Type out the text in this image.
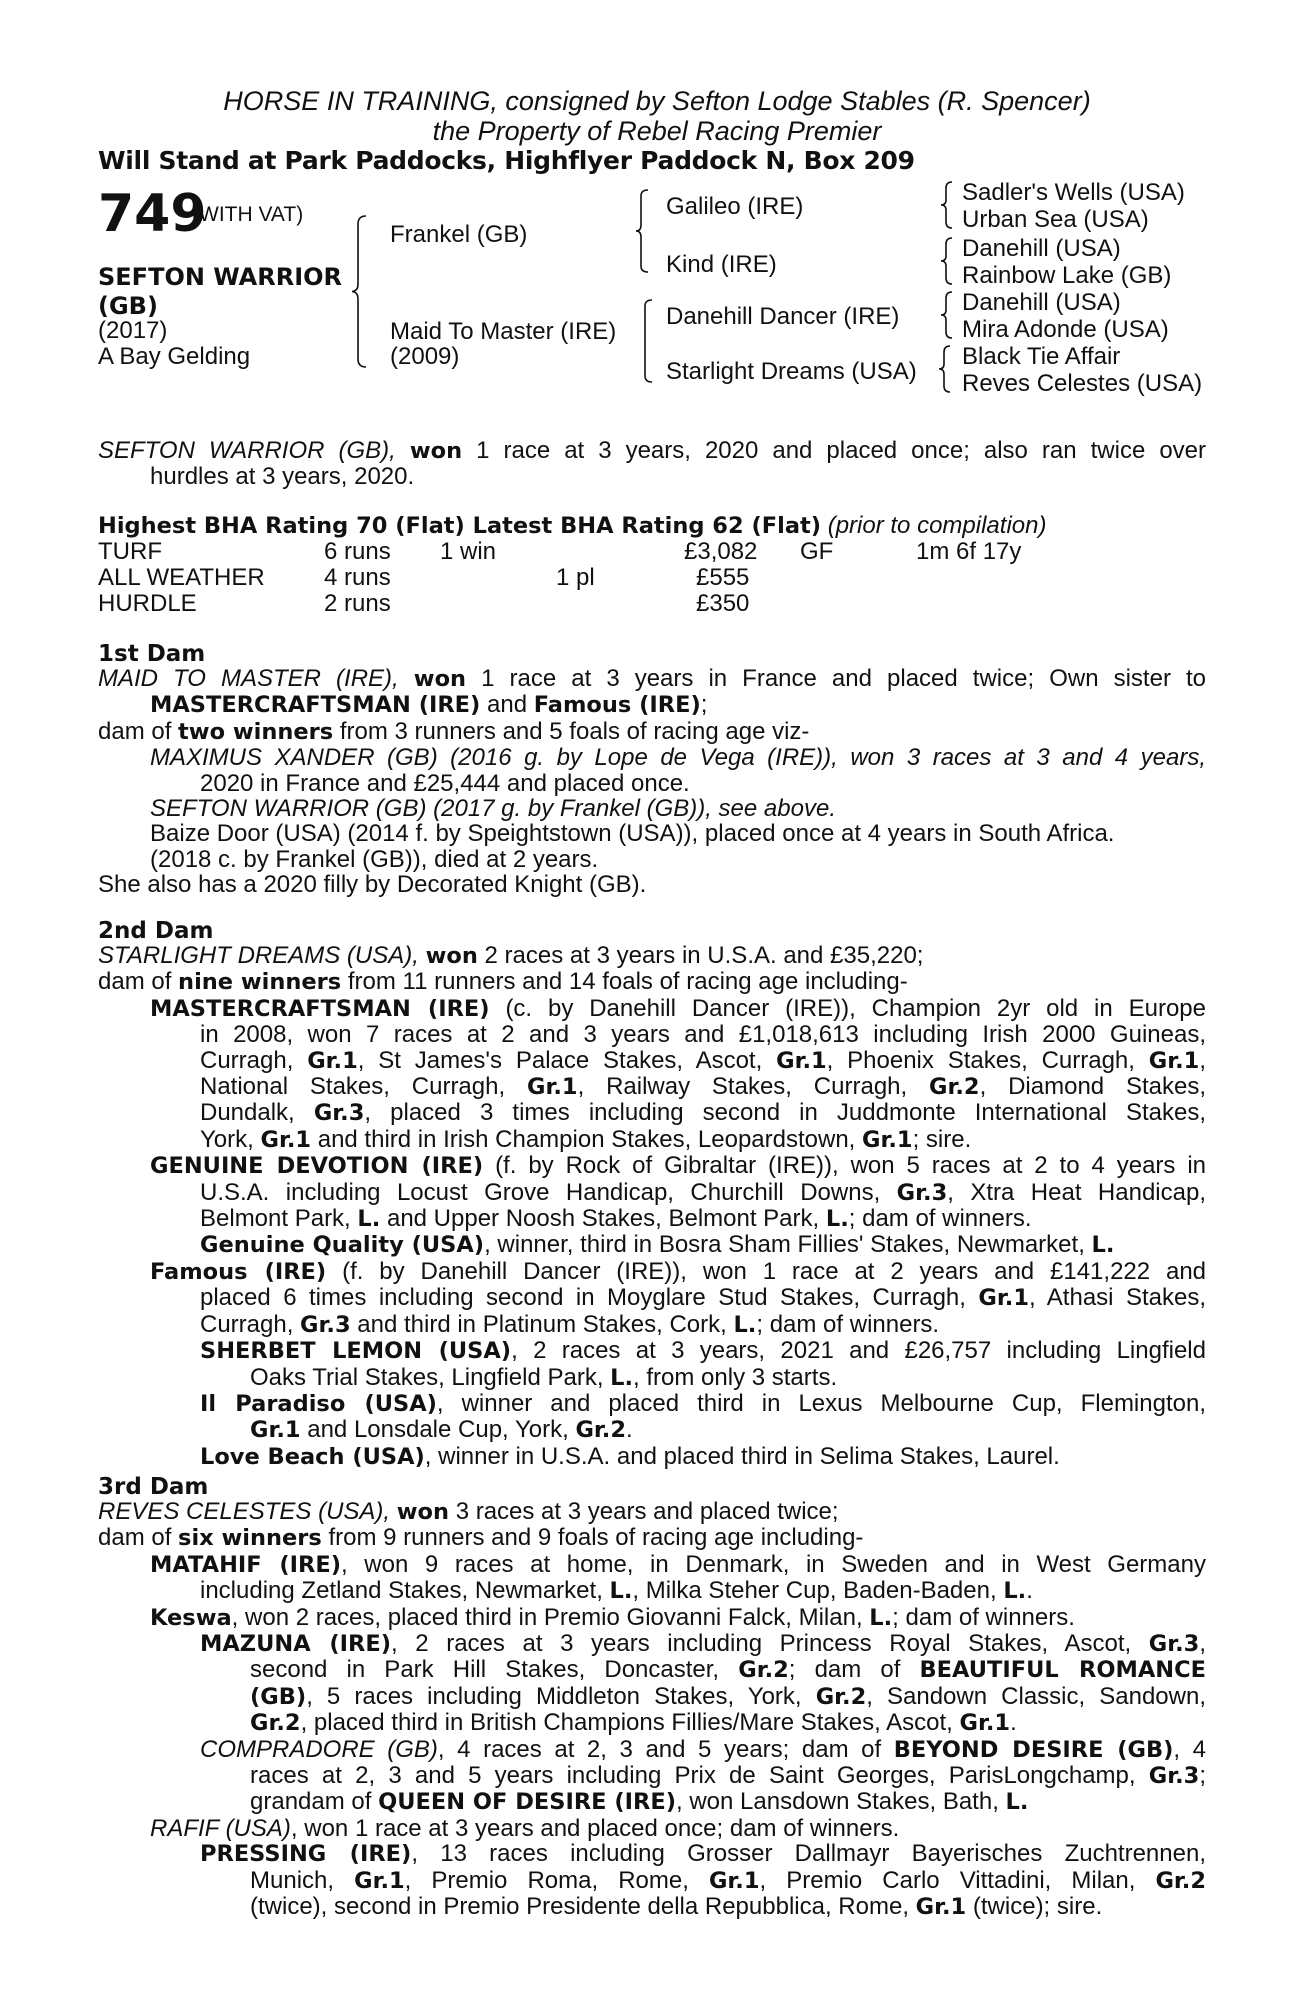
HORSE IN TRAINING, consigned by Sefton Lodge Stables (R. Spencer)
the Property of Rebel Racing Premier
Will Stand at Park Paddocks, Highflyer Paddock N, Box 209
749
(WITH VAT)
SEFTON WARRIOR
(GB)
(2017)
A Bay Gelding
Frankel (GB)
Maid To Master (IRE)
(2009)
Galileo (IRE)
Kind (IRE)
Danehill Dancer (IRE)
Starlight Dreams (USA)
Sadler's Wells (USA)
Urban Sea (USA)
Danehill (USA)
Rainbow Lake (GB)
Danehill (USA)
Mira Adonde (USA)
Black Tie Affair
Reves Celestes (USA)
SEFTON WARRIOR (GB), won 1 race at 3 years, 2020 and placed once; also ran twice over
hurdles at 3 years, 2020.
Highest BHA Rating 70 (Flat) Latest BHA Rating 62 (Flat) (prior to compilation)
TURF	6 runs 1 win	£3,082 GF	1m 6f 17y
ALL WEATHER 4 runs	1 pl	£555
HURDLE	2 runs	£350
1st Dam
MAID TO MASTER (IRE), won 1 race at 3 years in France and placed twice; Own sister to
MASTERCRAFTSMAN (IRE) and Famous (IRE);
dam of two winners from 3 runners and 5 foals of racing age viz-
MAXIMUS XANDER (GB) (2016 g. by Lope de Vega (IRE)), won 3 races at 3 and 4 years,
2020 in France and £25,444 and placed once.
SEFTON WARRIOR (GB) (2017 g. by Frankel (GB)), see above.
Baize Door (USA) (2014 f. by Speightstown (USA)), placed once at 4 years in South Africa.
(2018 c. by Frankel (GB)), died at 2 years.
She also has a 2020 filly by Decorated Knight (GB).
2nd Dam
STARLIGHT DREAMS (USA), won 2 races at 3 years in U.S.A. and £35,220;
dam of nine winners from 11 runners and 14 foals of racing age including-
MASTERCRAFTSMAN (IRE) (c. by Danehill Dancer (IRE)), Champion 2yr old in Europe
in 2008, won 7 races at 2 and 3 years and £1,018,613 including Irish 2000 Guineas,
Curragh, Gr.1, St James's Palace Stakes, Ascot, Gr.1, Phoenix Stakes, Curragh, Gr.1,
National Stakes, Curragh, Gr.1, Railway Stakes, Curragh, Gr.2, Diamond Stakes,
Dundalk, Gr.3, placed 3 times including second in Juddmonte International Stakes,
York, Gr.1 and third in Irish Champion Stakes, Leopardstown, Gr.1; sire.
GENUINE DEVOTION (IRE) (f. by Rock of Gibraltar (IRE)), won 5 races at 2 to 4 years in
U.S.A. including Locust Grove Handicap, Churchill Downs, Gr.3, Xtra Heat Handicap,
Belmont Park, L. and Upper Noosh Stakes, Belmont Park, L.; dam of winners.
Genuine Quality (USA), winner, third in Bosra Sham Fillies' Stakes, Newmarket, L.
Famous (IRE) (f. by Danehill Dancer (IRE)), won 1 race at 2 years and £141,222 and
placed 6 times including second in Moyglare Stud Stakes, Curragh, Gr.1, Athasi Stakes,
Curragh, Gr.3 and third in Platinum Stakes, Cork, L.; dam of winners.
SHERBET LEMON (USA), 2 races at 3 years, 2021 and £26,757 including Lingfield
Oaks Trial Stakes, Lingfield Park, L., from only 3 starts.
Il Paradiso (USA), winner and placed third in Lexus Melbourne Cup, Flemington,
Gr.1 and Lonsdale Cup, York, Gr.2.
Love Beach (USA), winner in U.S.A. and placed third in Selima Stakes, Laurel.
3rd Dam
REVES CELESTES (USA), won 3 races at 3 years and placed twice;
dam of six winners from 9 runners and 9 foals of racing age including-
MATAHIF (IRE), won 9 races at home, in Denmark, in Sweden and in West Germany
including Zetland Stakes, Newmarket, L., Milka Steher Cup, Baden-Baden, L..
Keswa, won 2 races, placed third in Premio Giovanni Falck, Milan, L.; dam of winners.
MAZUNA (IRE), 2 races at 3 years including Princess Royal Stakes, Ascot, Gr.3,
second in Park Hill Stakes, Doncaster, Gr.2; dam of BEAUTIFUL ROMANCE
(GB), 5 races including Middleton Stakes, York, Gr.2, Sandown Classic, Sandown,
Gr.2, placed third in British Champions Fillies/Mare Stakes, Ascot, Gr.1.
COMPRADORE (GB), 4 races at 2, 3 and 5 years; dam of BEYOND DESIRE (GB), 4
races at 2, 3 and 5 years including Prix de Saint Georges, ParisLongchamp, Gr.3;
grandam of QUEEN OF DESIRE (IRE), won Lansdown Stakes, Bath, L.
RAFIF (USA), won 1 race at 3 years and placed once; dam of winners.
PRESSING (IRE), 13 races including Grosser Dallmayr Bayerisches Zuchtrennen,
Munich, Gr.1, Premio Roma, Rome, Gr.1, Premio Carlo Vittadini, Milan, Gr.2
(twice), second in Premio Presidente della Repubblica, Rome, Gr.1 (twice); sire.
